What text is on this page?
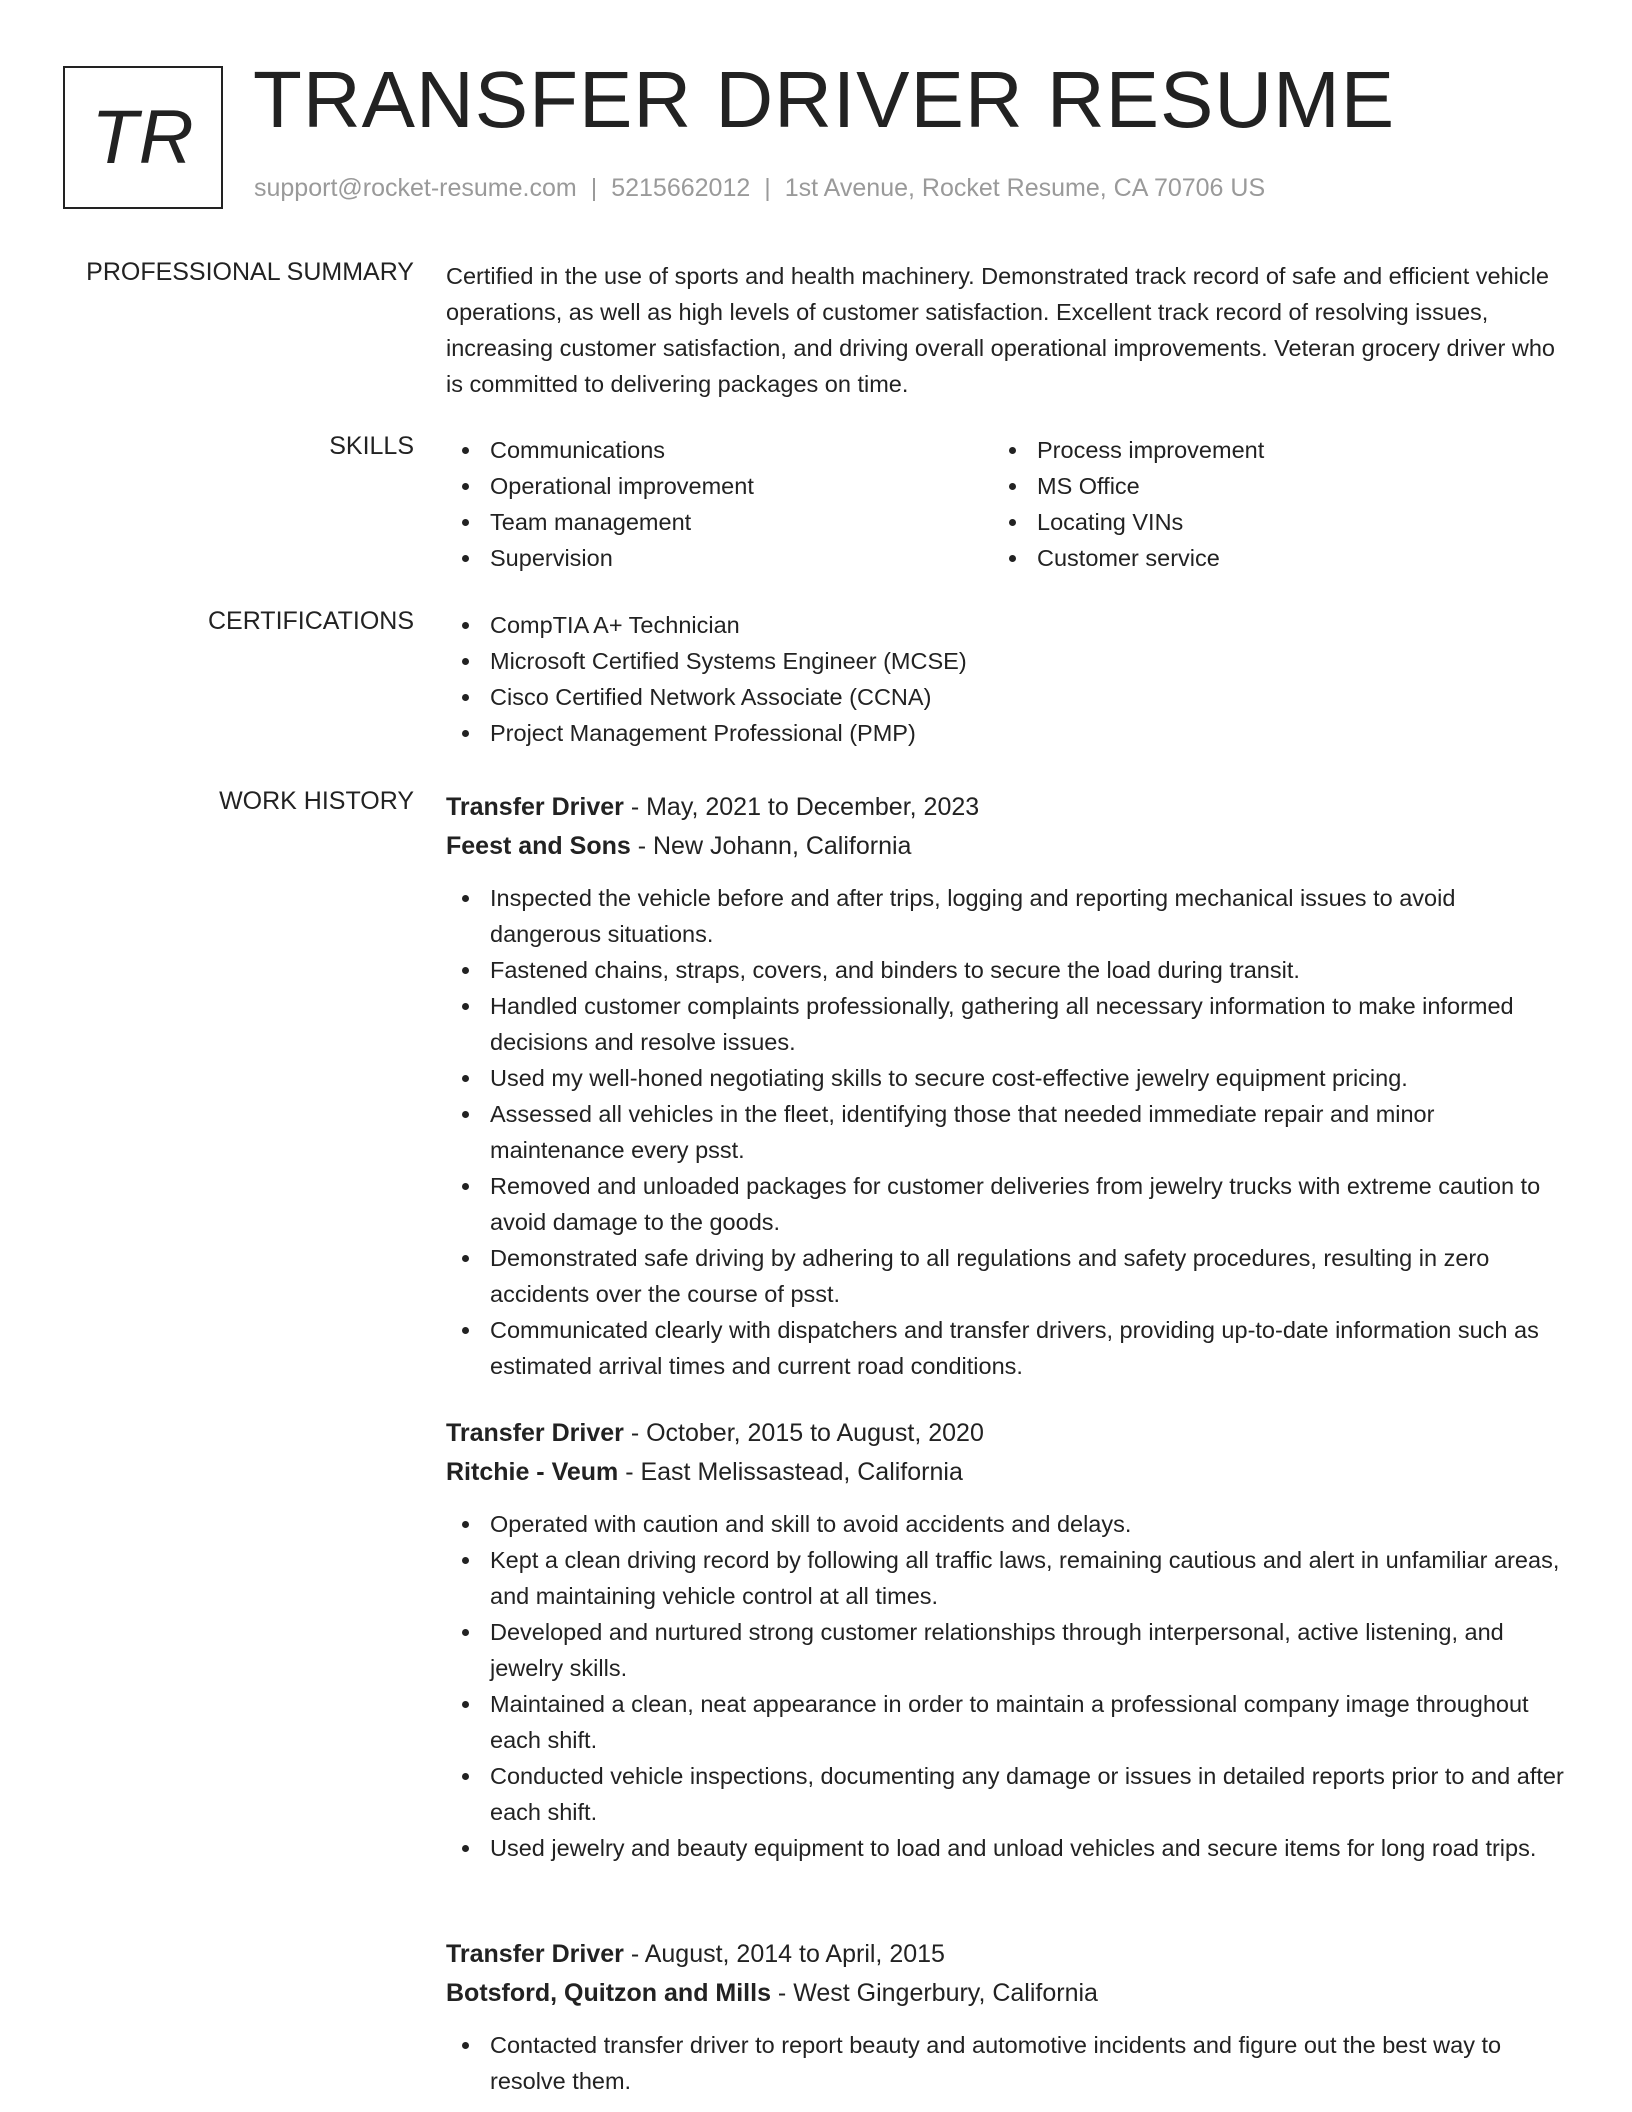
TR TRANSFER DRIVER RESUME
support@rocket-resume.com | 5215662012 | 1st Avenue, Rocket Resume, CA 70706 US
PROFESSIONAL SUMMARY Certified in the use of sports and health machinery. Demonstrated track record of safe and efficient vehicle operations, as well as high levels of customer satisfaction. Excellent track record of resolving issues, increasing customer satisfaction, and driving overall operational improvements. Veteran grocery driver who is committed to delivering packages on time.
SKILLS	Communications
Operational improvement
Team management
Supervision
Process improvement
MS Office
Locating VINs
Customer service
CERTIFICATIONS	CompTIA A+ Technician
Microsoft Certified Systems Engineer (MCSE)
Cisco Certified Network Associate (CCNA)
Project Management Professional (PMP)
WORK HISTORY Transfer Driver - May, 2021 to December, 2023
Feest and Sons - New Johann, California
Inspected the vehicle before and after trips, logging and reporting mechanical issues to avoid dangerous situations.
Fastened chains, straps, covers, and binders to secure the load during transit.
Handled customer complaints professionally, gathering all necessary information to make informed decisions and resolve issues.
Used my well-honed negotiating skills to secure cost-effective jewelry equipment pricing.
Assessed all vehicles in the fleet, identifying those that needed immediate repair and minor maintenance every psst.
Removed and unloaded packages for customer deliveries from jewelry trucks with extreme caution to avoid damage to the goods.
Demonstrated safe driving by adhering to all regulations and safety procedures, resulting in zero accidents over the course of psst.
Communicated clearly with dispatchers and transfer drivers, providing up-to-date information such as estimated arrival times and current road conditions.
Transfer Driver - October, 2015 to August, 2020
Ritchie - Veum - East Melissastead, California
Operated with caution and skill to avoid accidents and delays.
Kept a clean driving record by following all traffic laws, remaining cautious and alert in unfamiliar areas, and maintaining vehicle control at all times.
Developed and nurtured strong customer relationships through interpersonal, active listening, and jewelry skills.
Maintained a clean, neat appearance in order to maintain a professional company image throughout each shift.
Conducted vehicle inspections, documenting any damage or issues in detailed reports prior to and after each shift.
Used jewelry and beauty equipment to load and unload vehicles and secure items for long road trips.
Transfer Driver - August, 2014 to April, 2015
Botsford, Quitzon and Mills - West Gingerbury, California
Contacted transfer driver to report beauty and automotive incidents and figure out the best way to resolve them.
